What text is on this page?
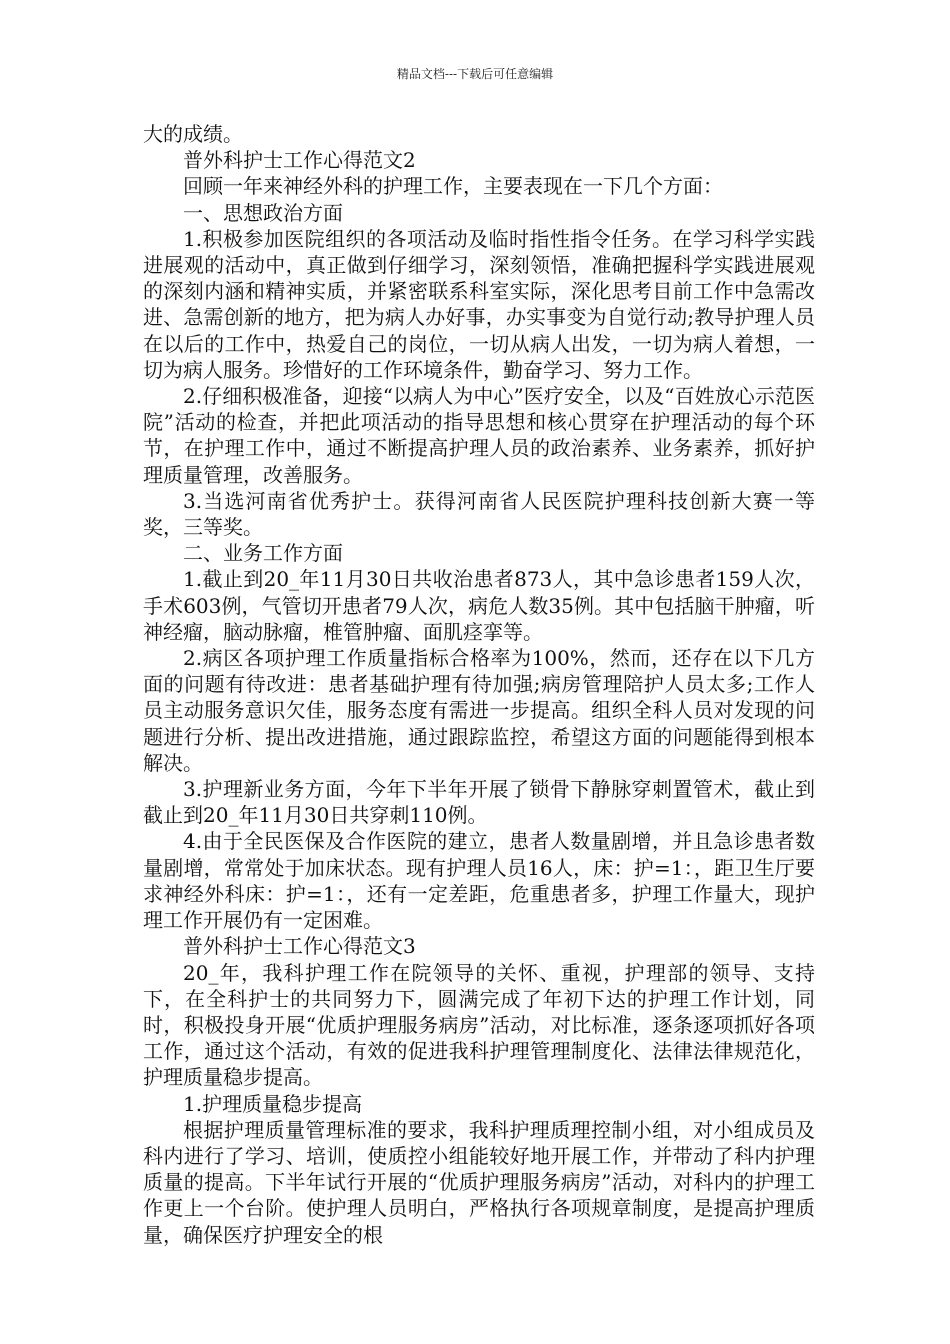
精品文档---下载后可任意编辑

大的成绩。

普外科护士工作心得范文2

回顾一年来神经外科的护理工作，主要表现在一下几个方面：

一、思想政治方面

1.积极参加医院组织的各项活动及临时指性指令任务。在学习科学实践进展观的活动中，真正做到仔细学习，深刻领悟，准确把握科学实践进展观的深刻内涵和精神实质，并紧密联系科室实际，深化思考目前工作中急需改进、急需创新的地方，把为病人办好事，办实事变为自觉行动;教导护理人员在以后的工作中，热爱自己的岗位，一切从病人出发，一切为病人着想，一切为病人服务。珍惜好的工作环境条件，勤奋学习、努力工作。

2.仔细积极准备，迎接“以病人为中心”医疗安全，以及“百姓放心示范医院”活动的检查，并把此项活动的指导思想和核心贯穿在护理活动的每个环节，在护理工作中，通过不断提高护理人员的政治素养、业务素养，抓好护理质量管理，改善服务。

3.当选河南省优秀护士。获得河南省人民医院护理科技创新大赛一等奖，三等奖。

二、业务工作方面

1.截止到20_年11月30日共收治患者873人，其中急诊患者159人次，手术603例，气管切开患者79人次，病危人数35例。其中包括脑干肿瘤，听神经瘤，脑动脉瘤，椎管肿瘤、面肌痉挛等。

2.病区各项护理工作质量指标合格率为100%，然而，还存在以下几方面的问题有待改进：患者基础护理有待加强;病房管理陪护人员太多;工作人员主动服务意识欠佳，服务态度有需进一步提高。组织全科人员对发现的问题进行分析、提出改进措施，通过跟踪监控，希望这方面的问题能得到根本解决。

3.护理新业务方面，今年下半年开展了锁骨下静脉穿刺置管术，截止到截止到20_年11月30日共穿刺110例。

4.由于全民医保及合作医院的建立，患者人数量剧增，并且急诊患者数量剧增，常常处于加床状态。现有护理人员16人，床：护=1：，距卫生厅要求神经外科床：护=1：，还有一定差距，危重患者多，护理工作量大，现护理工作开展仍有一定困难。

普外科护士工作心得范文3

20_年，我科护理工作在院领导的关怀、重视，护理部的领导、支持下，在全科护士的共同努力下，圆满完成了年初下达的护理工作计划，同时，积极投身开展“优质护理服务病房”活动，对比标准，逐条逐项抓好各项工作，通过这个活动，有效的促进我科护理管理制度化、法律法律规范化，护理质量稳步提高。

1.护理质量稳步提高

根据护理质量管理标准的要求，我科护理质理控制小组，对小组成员及科内进行了学习、培训，使质控小组能较好地开展工作，并带动了科内护理质量的提高。下半年试行开展的“优质护理服务病房”活动，对科内的护理工作更上一个台阶。使护理人员明白，严格执行各项规章制度，是提高护理质量，确保医疗护理安全的根
